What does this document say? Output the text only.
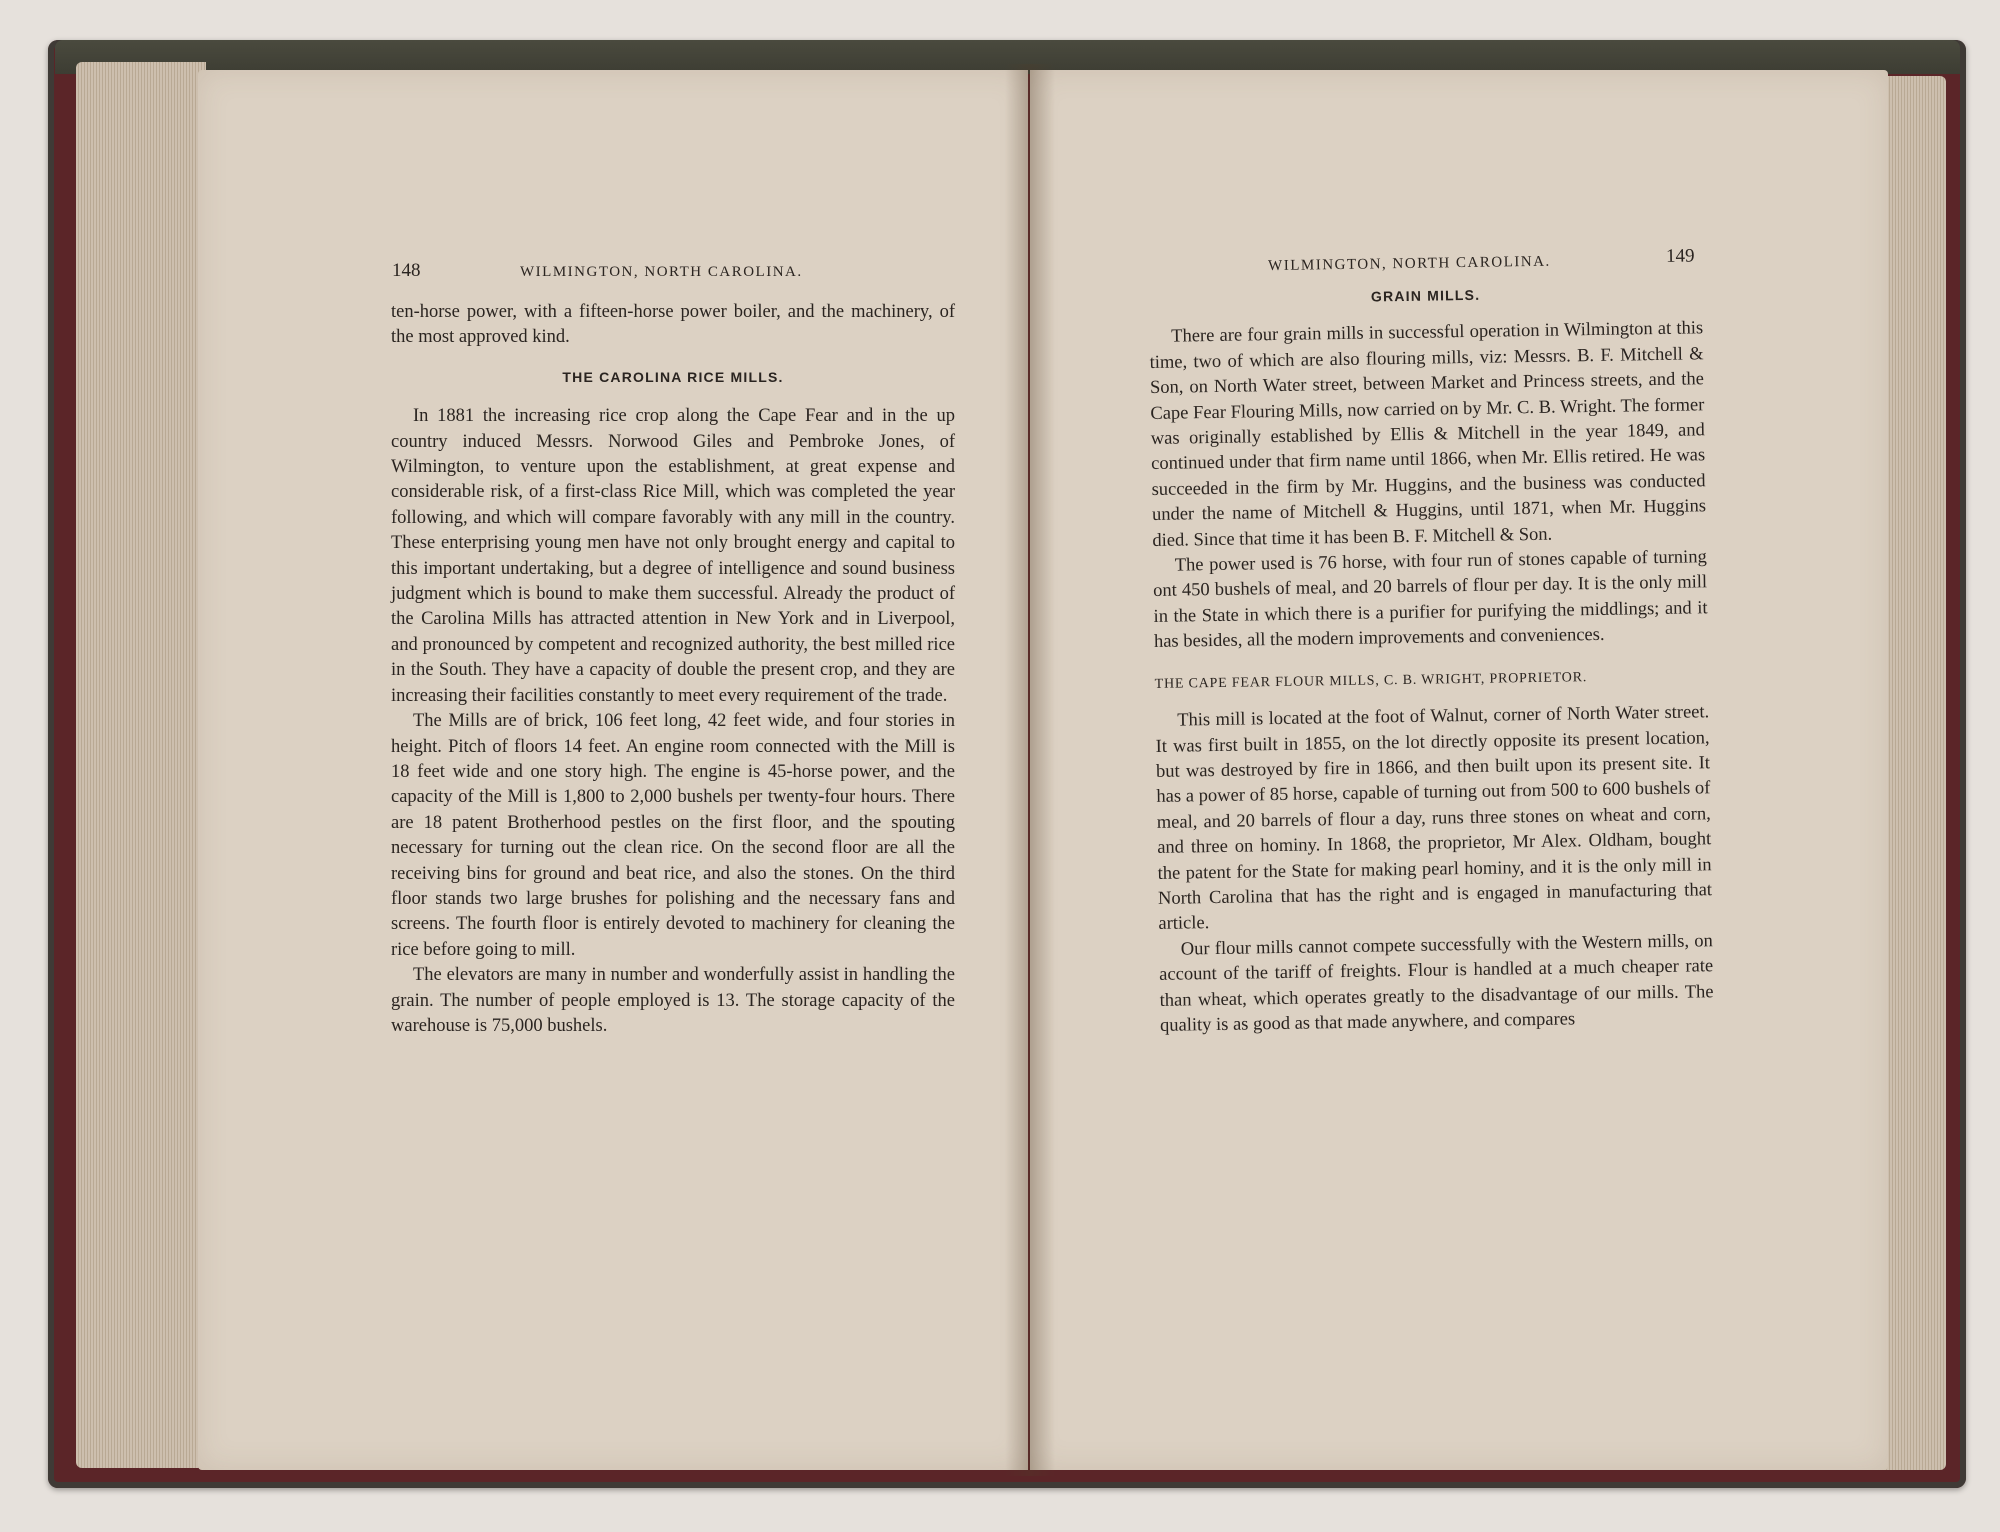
148	WILMINGTON, NORTH CAROLINA.

ten-horse power, with a fifteen-horse power boiler, and the machinery, of the most approved kind.

THE CAROLINA RICE MILLS.

In 1881 the increasing rice crop along the Cape Fear and in the up country induced Messrs. Norwood Giles and Pembroke Jones, of Wilmington, to venture upon the establishment, at great expense and considerable risk, of a first-class Rice Mill, which was completed the year following, and which will compare favorably with any mill in the country. These enterprising young men have not only brought energy and capital to this important undertaking, but a degree of intelligence and sound business judgment which is bound to make them successful. Already the product of the Carolina Mills has attracted attention in New York and in Liverpool, and pronounced by competent and recognized authority, the best milled rice in the South. They have a capacity of double the present crop, and they are increasing their facilities constantly to meet every requirement of the trade.

The Mills are of brick, 106 feet long, 42 feet wide, and four stories in height. Pitch of floors 14 feet. An engine room connected with the Mill is 18 feet wide and one story high. The engine is 45-horse power, and the capacity of the Mill is 1,800 to 2,000 bushels per twenty-four hours. There are 18 patent Brotherhood pestles on the first floor, and the spouting necessary for turning out the clean rice. On the second floor are all the receiving bins for ground and beat rice, and also the stones. On the third floor stands two large brushes for polishing and the necessary fans and screens. The fourth floor is entirely devoted to machinery for cleaning the rice before going to mill.

The elevators are many in number and wonderfully assist in handling the grain. The number of people employed is 13. The storage capacity of the warehouse is 75,000 bushels.

WILMINGTON, NORTH CAROLINA.	149
GRAIN MILLS.

There are four grain mills in successful operation in Wilmington at this time, two of which are also flouring mills, viz: Messrs. B. F. Mitchell & Son, on North Water street, between Market and Princess streets, and the Cape Fear Flouring Mills, now carried on by Mr. C. B. Wright. The former was originally established by Ellis & Mitchell in the year 1849, and continued under that firm name until 1866, when Mr. Ellis retired. He was succeeded in the firm by Mr. Huggins, and the business was conducted under the name of Mitchell & Huggins, until 1871, when Mr. Huggins died. Since that time it has been B. F. Mitchell & Son.

The power used is 76 horse, with four run of stones capable of turning ont 450 bushels of meal, and 20 barrels of flour per day. It is the only mill in the State in which there is a purifier for purifying the middlings; and it has besides, all the modern improvements and conveniences.

THE CAPE FEAR FLOUR MILLS, C. B. WRIGHT, PROPRIETOR.

This mill is located at the foot of Walnut, corner of North Water street. It was first built in 1855, on the lot directly opposite its present location, but was destroyed by fire in 1866, and then built upon its present site. It has a power of 85 horse, capable of turning out from 500 to 600 bushels of meal, and 20 barrels of flour a day, runs three stones on wheat and corn, and three on hominy. In 1868, the proprietor, Mr Alex. Oldham, bought the patent for the State for making pearl hominy, and it is the only mill in North Carolina that has the right and is engaged in manufacturing that article.

Our flour mills cannot compete successfully with the Western mills, on account of the tariff of freights. Flour is handled at a much cheaper rate than wheat, which operates greatly to the disadvantage of our mills. The quality is as good as that made anywhere, and compares
